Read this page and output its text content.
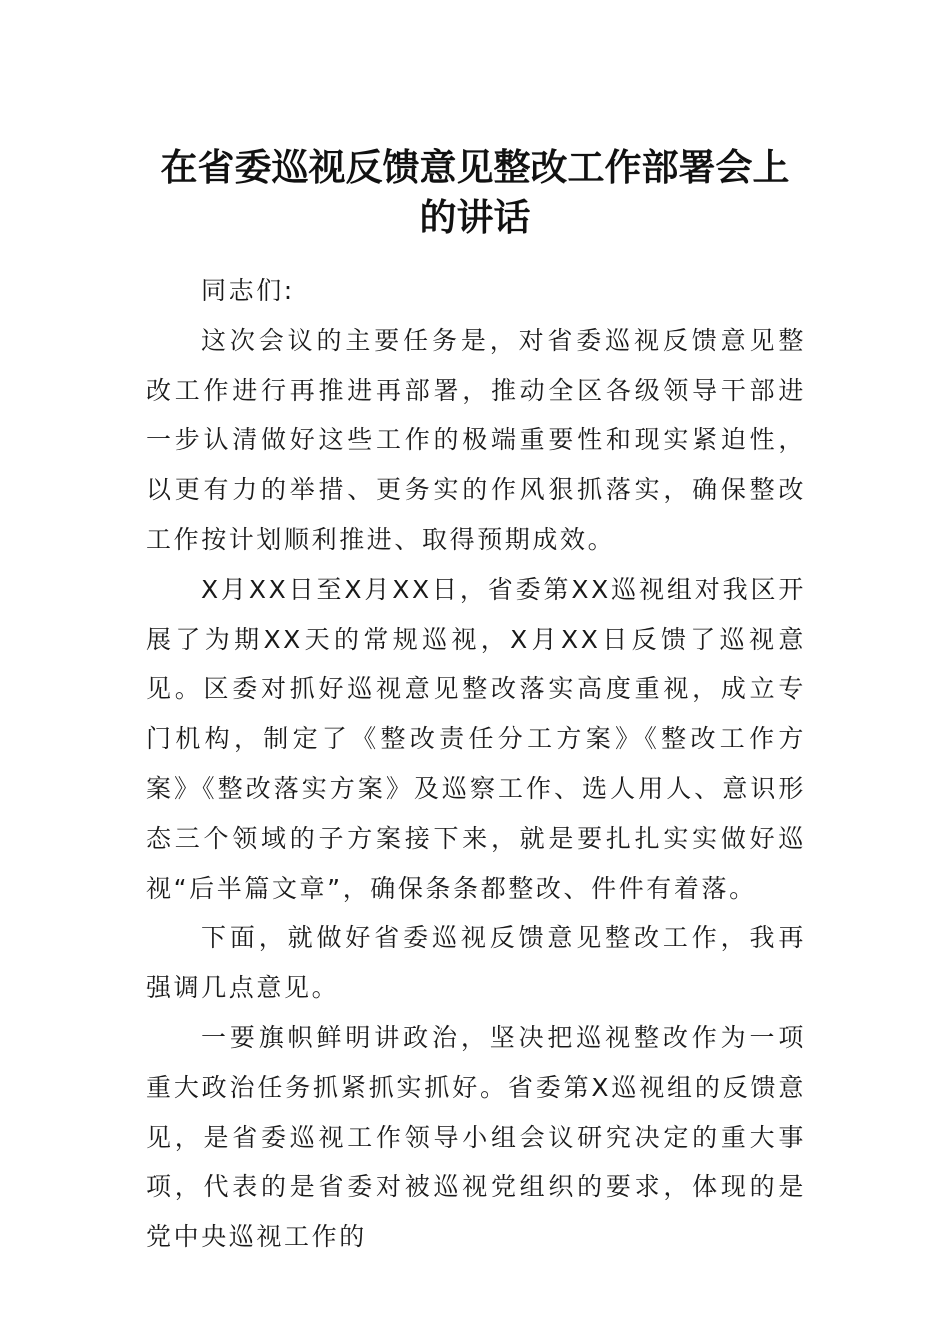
在省委巡视反馈意见整改工作部署会上的讲话

同志们:

这次会议的主要任务是，对省委巡视反馈意见整改工作进行再推进再部署，推动全区各级领导干部进一步认清做好这些工作的极端重要性和现实紧迫性，以更有力的举措、更务实的作风狠抓落实，确保整改工作按计划顺利推进、取得预期成效。

X月XX日至X月XX日，省委第XX巡视组对我区开展了为期XX天的常规巡视，X月XX日反馈了巡视意见。区委对抓好巡视意见整改落实高度重视，成立专门机构，制定了《整改责任分工方案》《整改工作方案》《整改落实方案》及巡察工作、选人用人、意识形态三个领域的子方案接下来，就是要扎扎实实做好巡视“后半篇文章”，确保条条都整改、件件有着落。

下面，就做好省委巡视反馈意见整改工作，我再强调几点意见。

一要旗帜鲜明讲政治，坚决把巡视整改作为一项重大政治任务抓紧抓实抓好。省委第X巡视组的反馈意见，是省委巡视工作领导小组会议研究决定的重大事项，代表的是省委对被巡视党组织的要求，体现的是党中央巡视工作的
